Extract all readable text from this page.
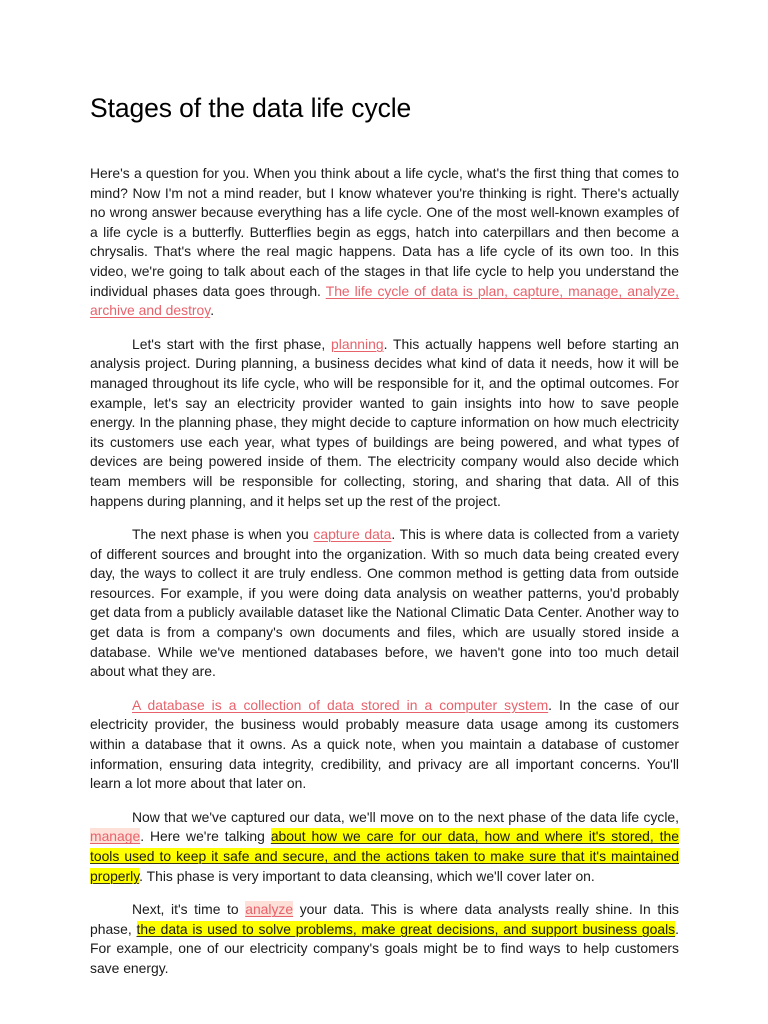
Stages of the data life cycle

Here's a question for you. When you think about a life cycle, what's the first thing that comes to mind? Now I'm not a mind reader, but I know whatever you're thinking is right. There's actually no wrong answer because everything has a life cycle. One of the most well-known examples of a life cycle is a butterfly. Butterflies begin as eggs, hatch into caterpillars and then become a chrysalis. That's where the real magic happens. Data has a life cycle of its own too. In this video, we're going to talk about each of the stages in that life cycle to help you understand the individual phases data goes through. The life cycle of data is plan, capture, manage, analyze, archive and destroy.

Let's start with the first phase, planning. This actually happens well before starting an analysis project. During planning, a business decides what kind of data it needs, how it will be managed throughout its life cycle, who will be responsible for it, and the optimal outcomes. For example, let's say an electricity provider wanted to gain insights into how to save people energy. In the planning phase, they might decide to capture information on how much electricity its customers use each year, what types of buildings are being powered, and what types of devices are being powered inside of them. The electricity company would also decide which team members will be responsible for collecting, storing, and sharing that data. All of this happens during planning, and it helps set up the rest of the project.

The next phase is when you capture data. This is where data is collected from a variety of different sources and brought into the organization. With so much data being created every day, the ways to collect it are truly endless. One common method is getting data from outside resources. For example, if you were doing data analysis on weather patterns, you'd probably get data from a publicly available dataset like the National Climatic Data Center. Another way to get data is from a company's own documents and files, which are usually stored inside a database. While we've mentioned databases before, we haven't gone into too much detail about what they are.

A database is a collection of data stored in a computer system. In the case of our electricity provider, the business would probably measure data usage among its customers within a database that it owns. As a quick note, when you maintain a database of customer information, ensuring data integrity, credibility, and privacy are all important concerns. You'll learn a lot more about that later on.

Now that we've captured our data, we'll move on to the next phase of the data life cycle, manage. Here we're talking about how we care for our data, how and where it's stored, the tools used to keep it safe and secure, and the actions taken to make sure that it's maintained properly. This phase is very important to data cleansing, which we'll cover later on.

Next, it's time to analyze your data. This is where data analysts really shine. In this phase, the data is used to solve problems, make great decisions, and support business goals. For example, one of our electricity company's goals might be to find ways to help customers save energy.
